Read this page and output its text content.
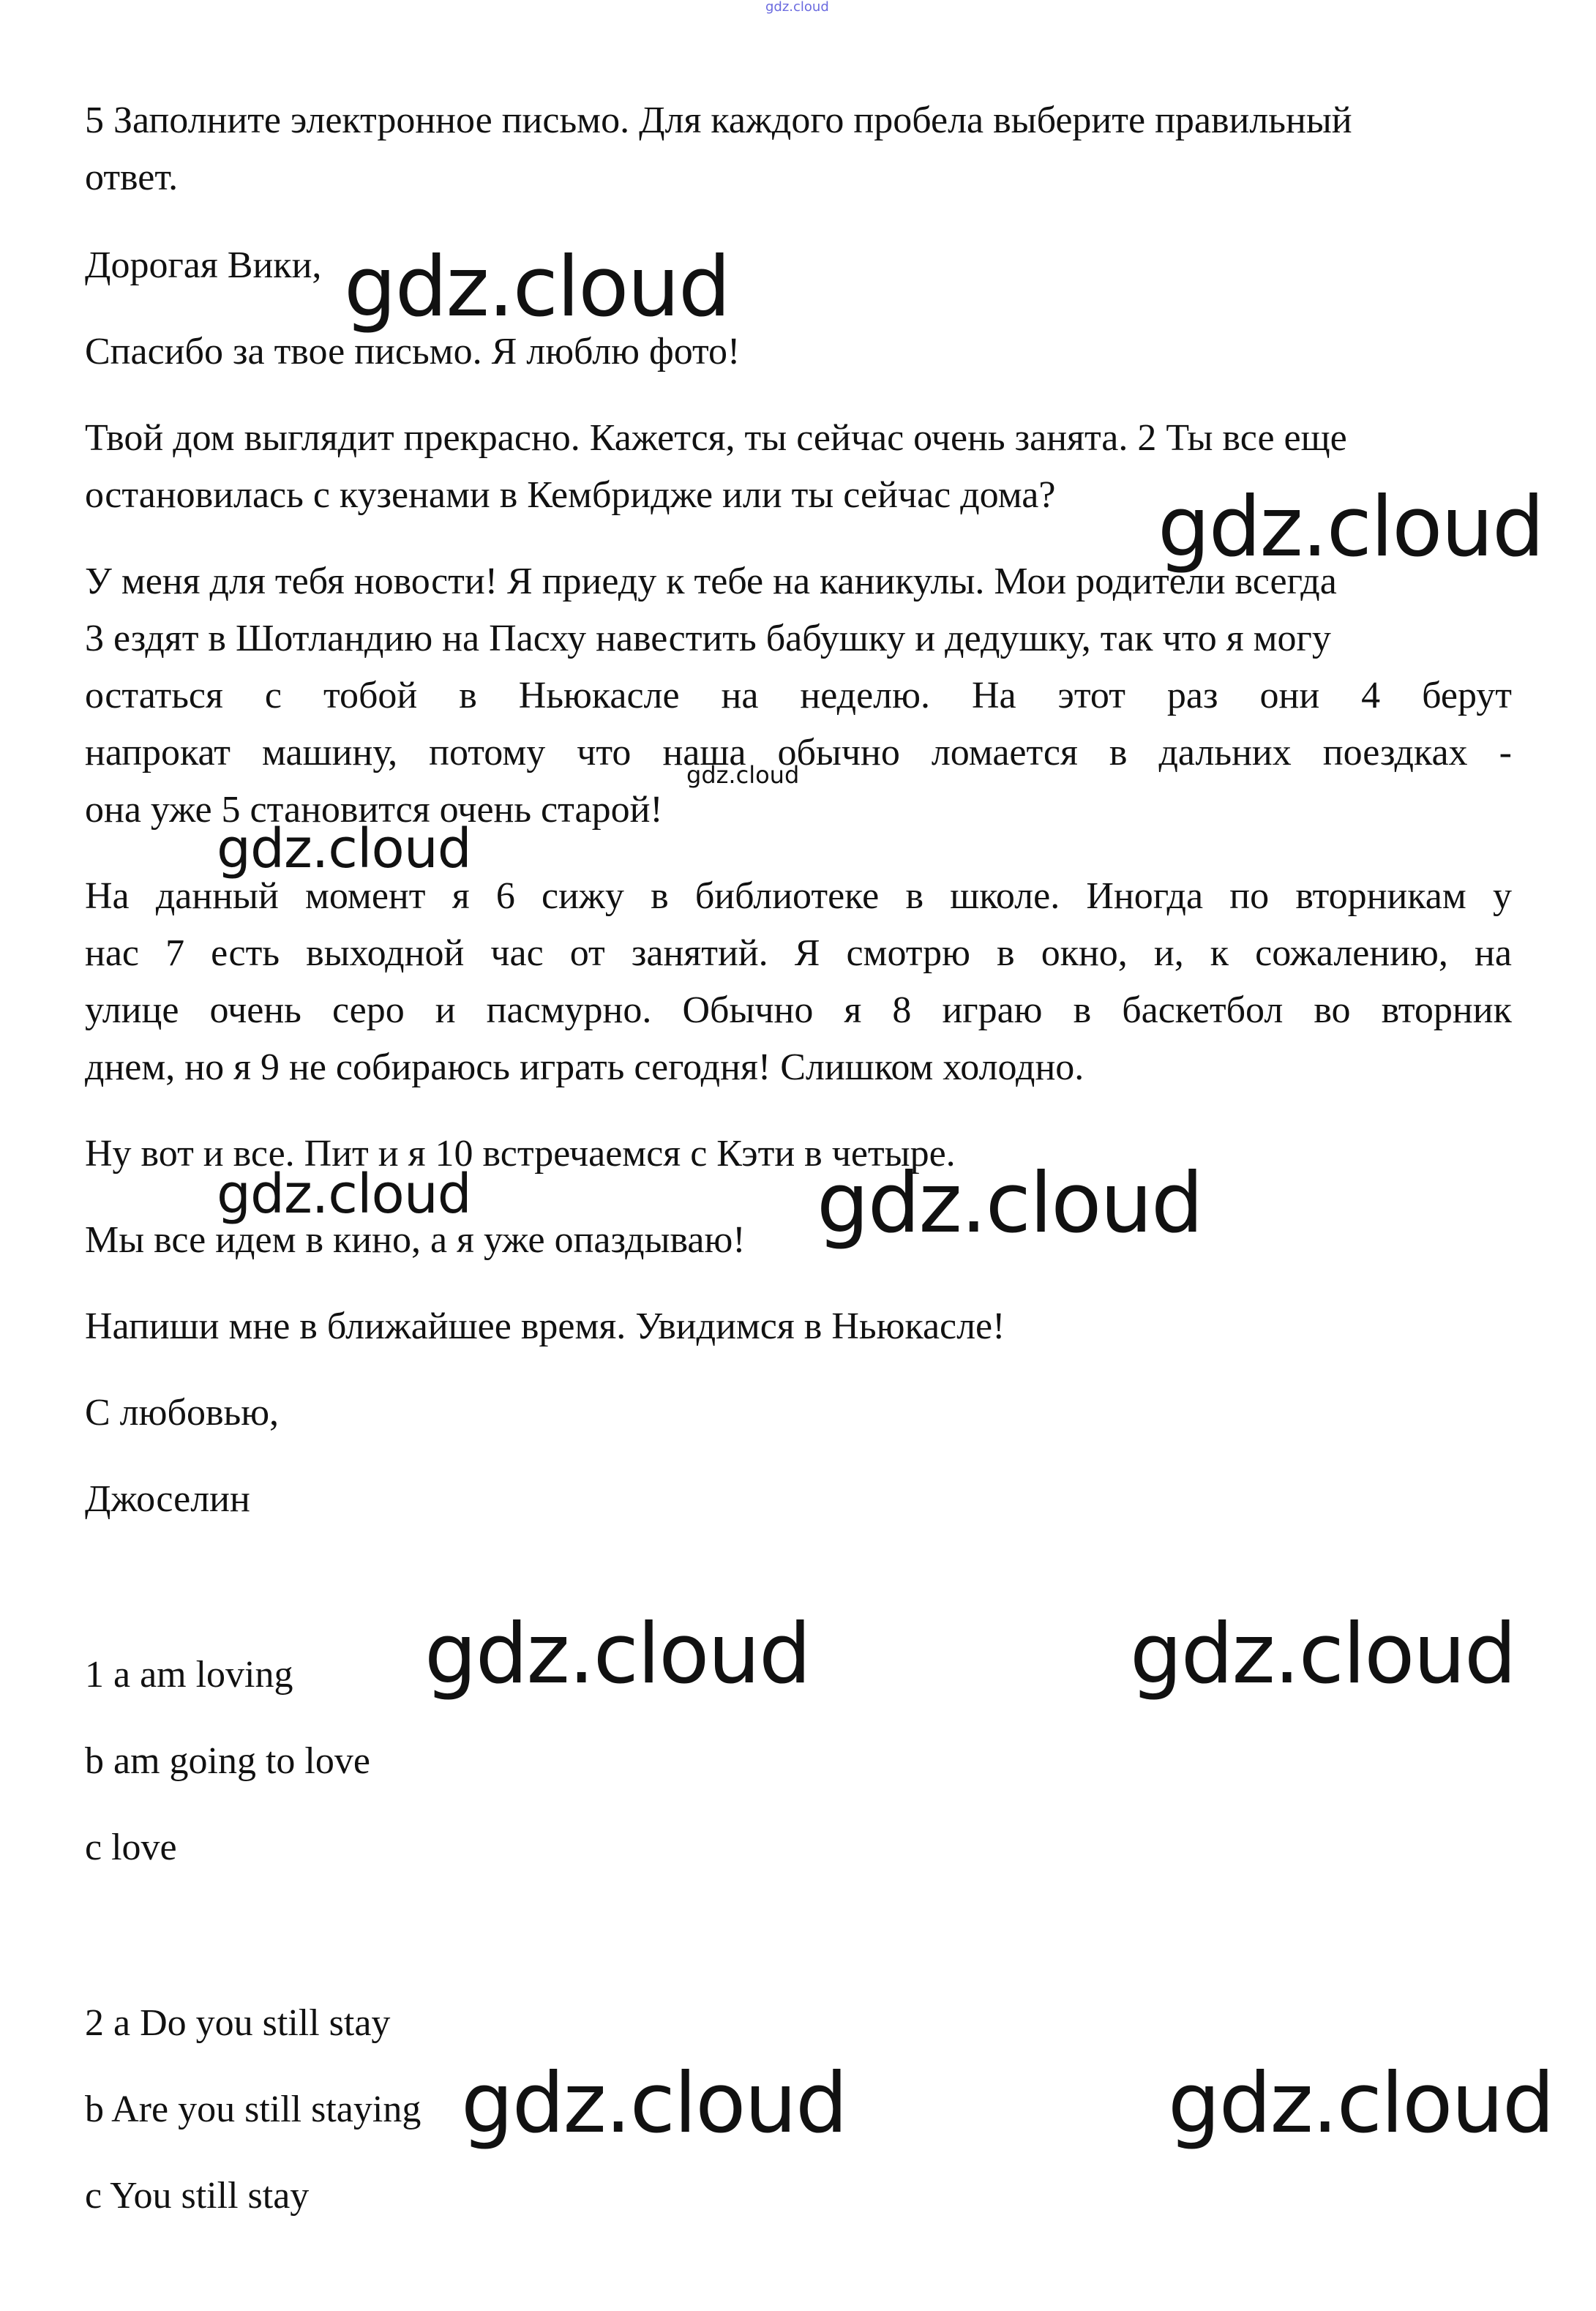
gdz.cloud
5 Заполните электронное письмо. Для каждого пробела выберите правильный
ответ.
Дорогая Вики,
Спасибо за твое письмо. Я люблю фото!
Твой дом выглядит прекрасно. Кажется, ты сейчас очень занята. 2 Ты все еще
остановилась с кузенами в Кембридже или ты сейчас дома?
У меня для тебя новости! Я приеду к тебе на каникулы. Мои родители всегда
3 ездят в Шотландию на Пасху навестить бабушку и дедушку, так что я могу
остаться с тобой в Ньюкасле на неделю. На этот раз они 4 берут
напрокат машину, потому что наша обычно ломается в дальних поездках -
она уже 5 становится очень старой!
На данный момент я 6 сижу в библиотеке в школе. Иногда по вторникам у
нас 7 есть выходной час от занятий. Я смотрю в окно, и, к сожалению, на
улице очень серо и пасмурно. Обычно я 8 играю в баскетбол во вторник
днем, но я 9 не собираюсь играть сегодня! Слишком холодно.
Ну вот и все. Пит и я 10 встречаемся с Кэти в четыре.
Мы все идем в кино, а я уже опаздываю!
Напиши мне в ближайшее время. Увидимся в Ньюкасле!
С любовью,
Джоселин
1 a am loving
b am going to love
c love
2 a Do you still stay
b Are you still staying
c You still stay
gdz.cloud
gdz.cloud
gdz.cloud
gdz.cloud
gdz.cloud	gdz.cloud
gdz.cloud	gdz.cloud
gdz.cloud	gdz.cloud
